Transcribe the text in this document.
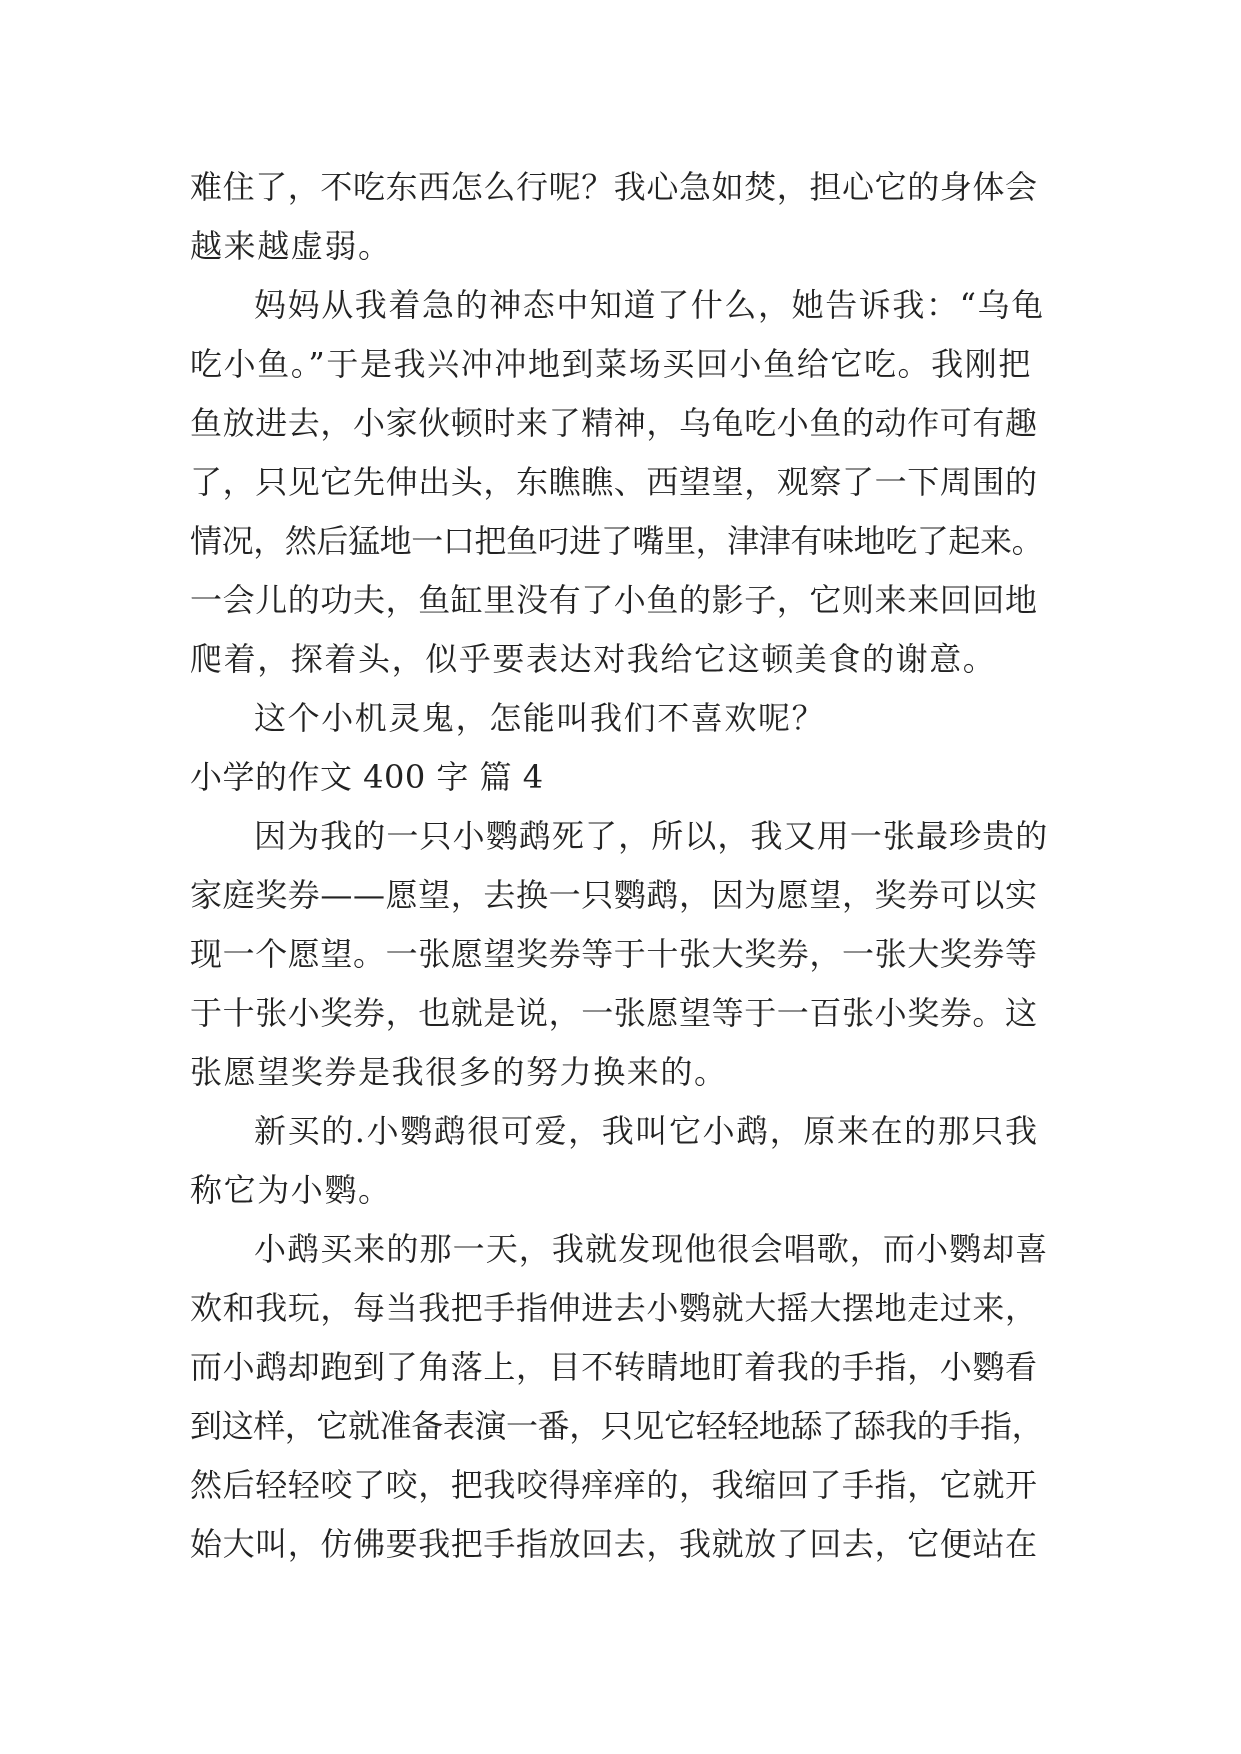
难住了，不吃东西怎么行呢？我心急如焚，担心它的身体会
越来越虚弱。
妈妈从我着急的神态中知道了什么，她告诉我：“乌龟
吃小鱼。”于是我兴冲冲地到菜场买回小鱼给它吃。我刚把
鱼放进去，小家伙顿时来了精神，乌龟吃小鱼的动作可有趣
了，只见它先伸出头，东瞧瞧、西望望，观察了一下周围的
情况，然后猛地一口把鱼叼进了嘴里，津津有味地吃了起来。
一会儿的功夫，鱼缸里没有了小鱼的影子，它则来来回回地
爬着，探着头，似乎要表达对我给它这顿美食的谢意。
这个小机灵鬼，怎能叫我们不喜欢呢？
小学的作文 400 字 篇 4
因为我的一只小鹦鹉死了，所以，我又用一张最珍贵的
家庭奖券——愿望，去换一只鹦鹉，因为愿望，奖券可以实
现一个愿望。一张愿望奖券等于十张大奖券，一张大奖券等
于十张小奖券，也就是说，一张愿望等于一百张小奖券。这
张愿望奖券是我很多的努力换来的。
新买的.小鹦鹉很可爱，我叫它小鹉，原来在的那只我
称它为小鹦。
小鹉买来的那一天，我就发现他很会唱歌，而小鹦却喜
欢和我玩，每当我把手指伸进去小鹦就大摇大摆地走过来，
而小鹉却跑到了角落上，目不转睛地盯着我的手指，小鹦看
到这样，它就准备表演一番，只见它轻轻地舔了舔我的手指，
然后轻轻咬了咬，把我咬得痒痒的，我缩回了手指，它就开
始大叫，仿佛要我把手指放回去，我就放了回去，它便站在
